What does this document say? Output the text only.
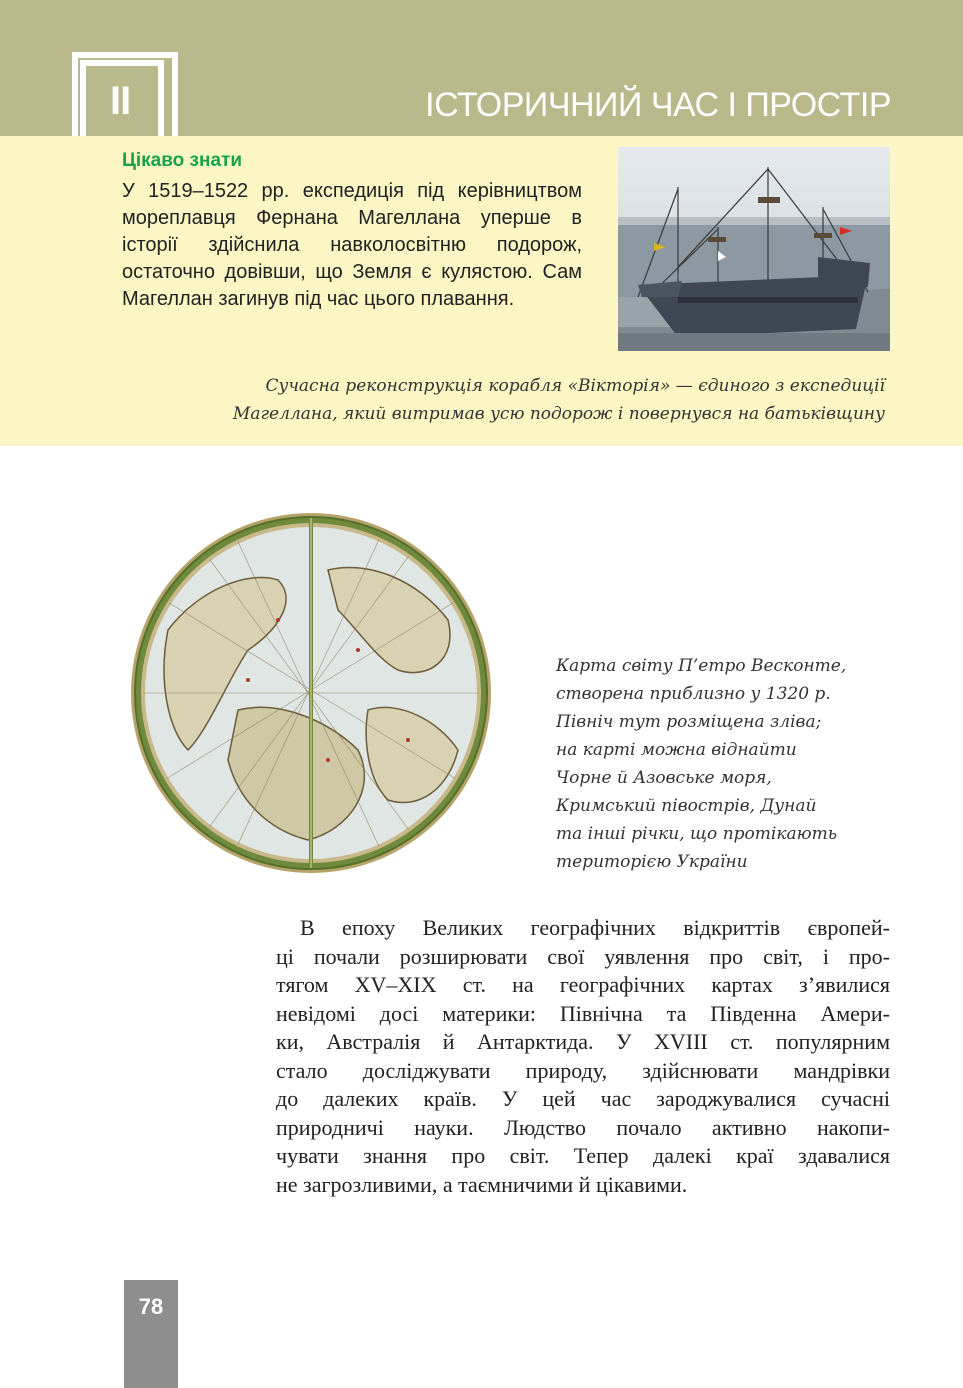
II	ІСТОРИЧНИЙ ЧАС І ПРОСТІР
Цікаво знати
У 1519–1522 рр. експедиція під керівництвом мореплавця Фернана Магеллана уперше в історії здійснила навколосвітню подорож, остаточно довівши, що Земля є кулястою. Сам Магеллан загинув під час цього плавання.
Сучасна реконструкція корабля «Вікторія» — єдиного з експедиції
Магеллана, який витримав усю подорож і повернувся на батьківщину
Карта світу П’етро Весконте,
створена приблизно у 1320 р.
Північ тут розміщена зліва;
на карті можна віднайти
Чорне й Азовське моря,
Кримський півострів, Дунай
та інші річки, що протікають
територією України
В епоху Великих географічних відкриттів європей-
ці почали розширювати свої уявлення про світ, і про-
тягом XV–XIX ст. на географічних картах з’явилися
невідомі досі материки: Північна та Південна Амери-
ки, Австралія й Антарктида. У XVIII ст. популярним
стало досліджувати природу, здійснювати мандрівки
до далеких країв. У цей час зароджувалися сучасні
природничі науки. Людство почало активно накопи-
чувати знання про світ. Тепер далекі краї здавалися
не загрозливими, а таємничими й цікавими.
78
